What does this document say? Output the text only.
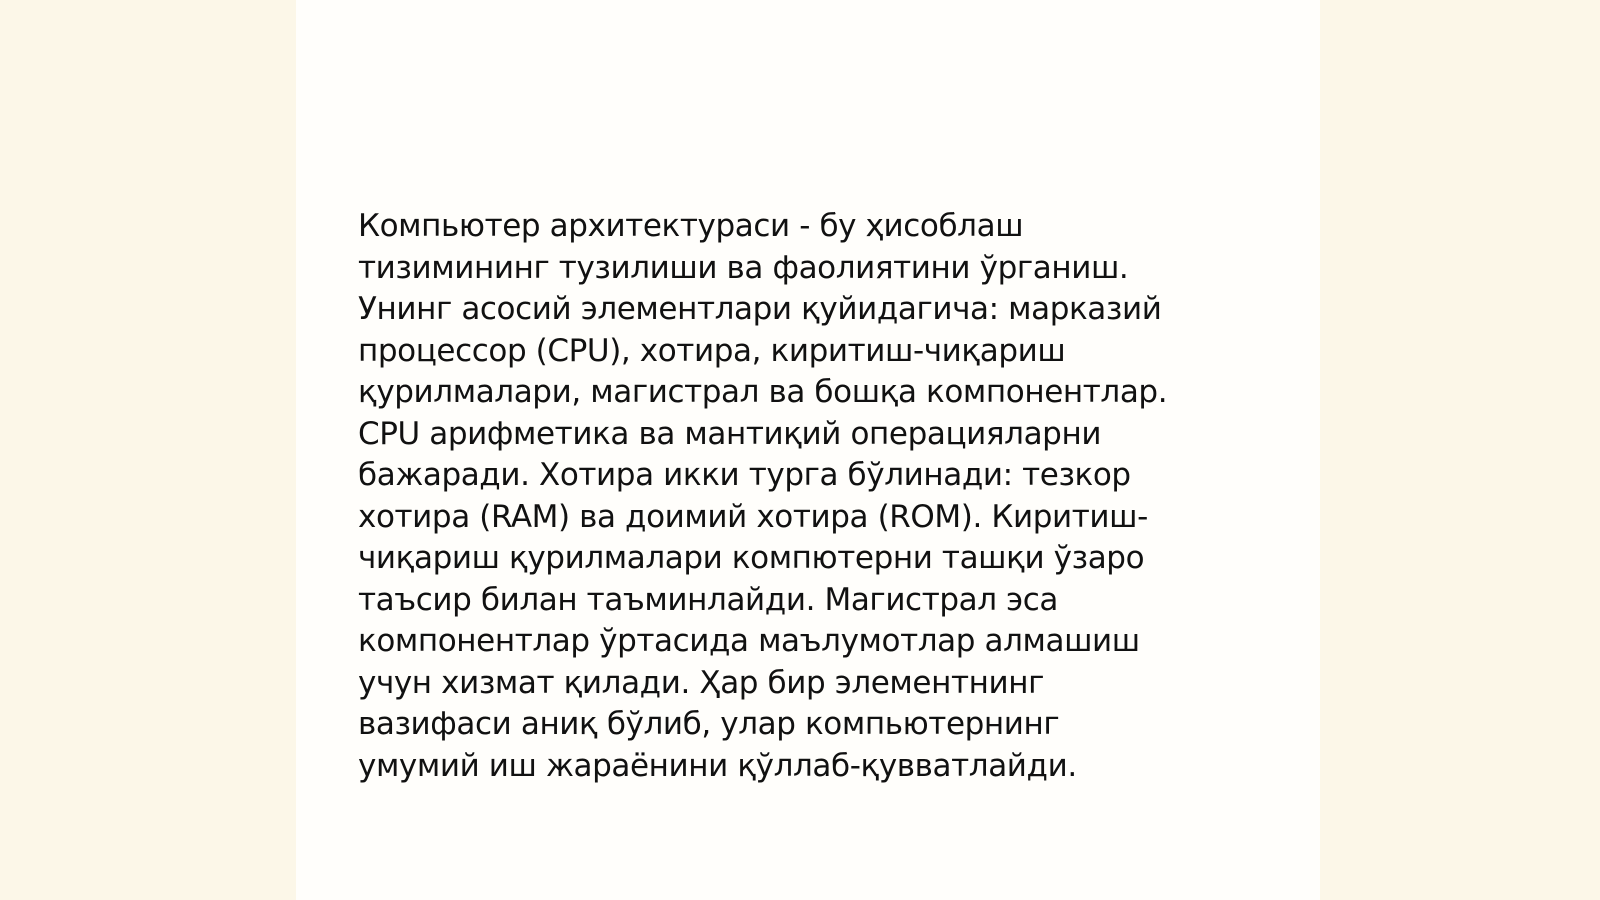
Компьютер архитектураси - бу ҳисоблаш
тизимининг тузилиши ва фаолиятини ўрганиш.
Унинг асосий элементлари қуйидагича: марказий
процессор (CPU), хотира, киритиш-чиқариш
қурилмалари, магистрал ва бошқа компонентлар.
CPU арифметика ва мантиқий операцияларни
бажаради. Хотира икки турга бўлинади: тезкор
хотира (RAM) ва доимий хотира (ROM). Киритиш-
чиқариш қурилмалари компютерни ташқи ўзаро
таъсир билан таъминлайди. Магистрал эса
компонентлар ўртасида маълумотлар алмашиш
учун хизмат қилади. Ҳар бир элементнинг
вазифаси аниқ бўлиб, улар компьютернинг
умумий иш жараёнини қўллаб-қувватлайди.
